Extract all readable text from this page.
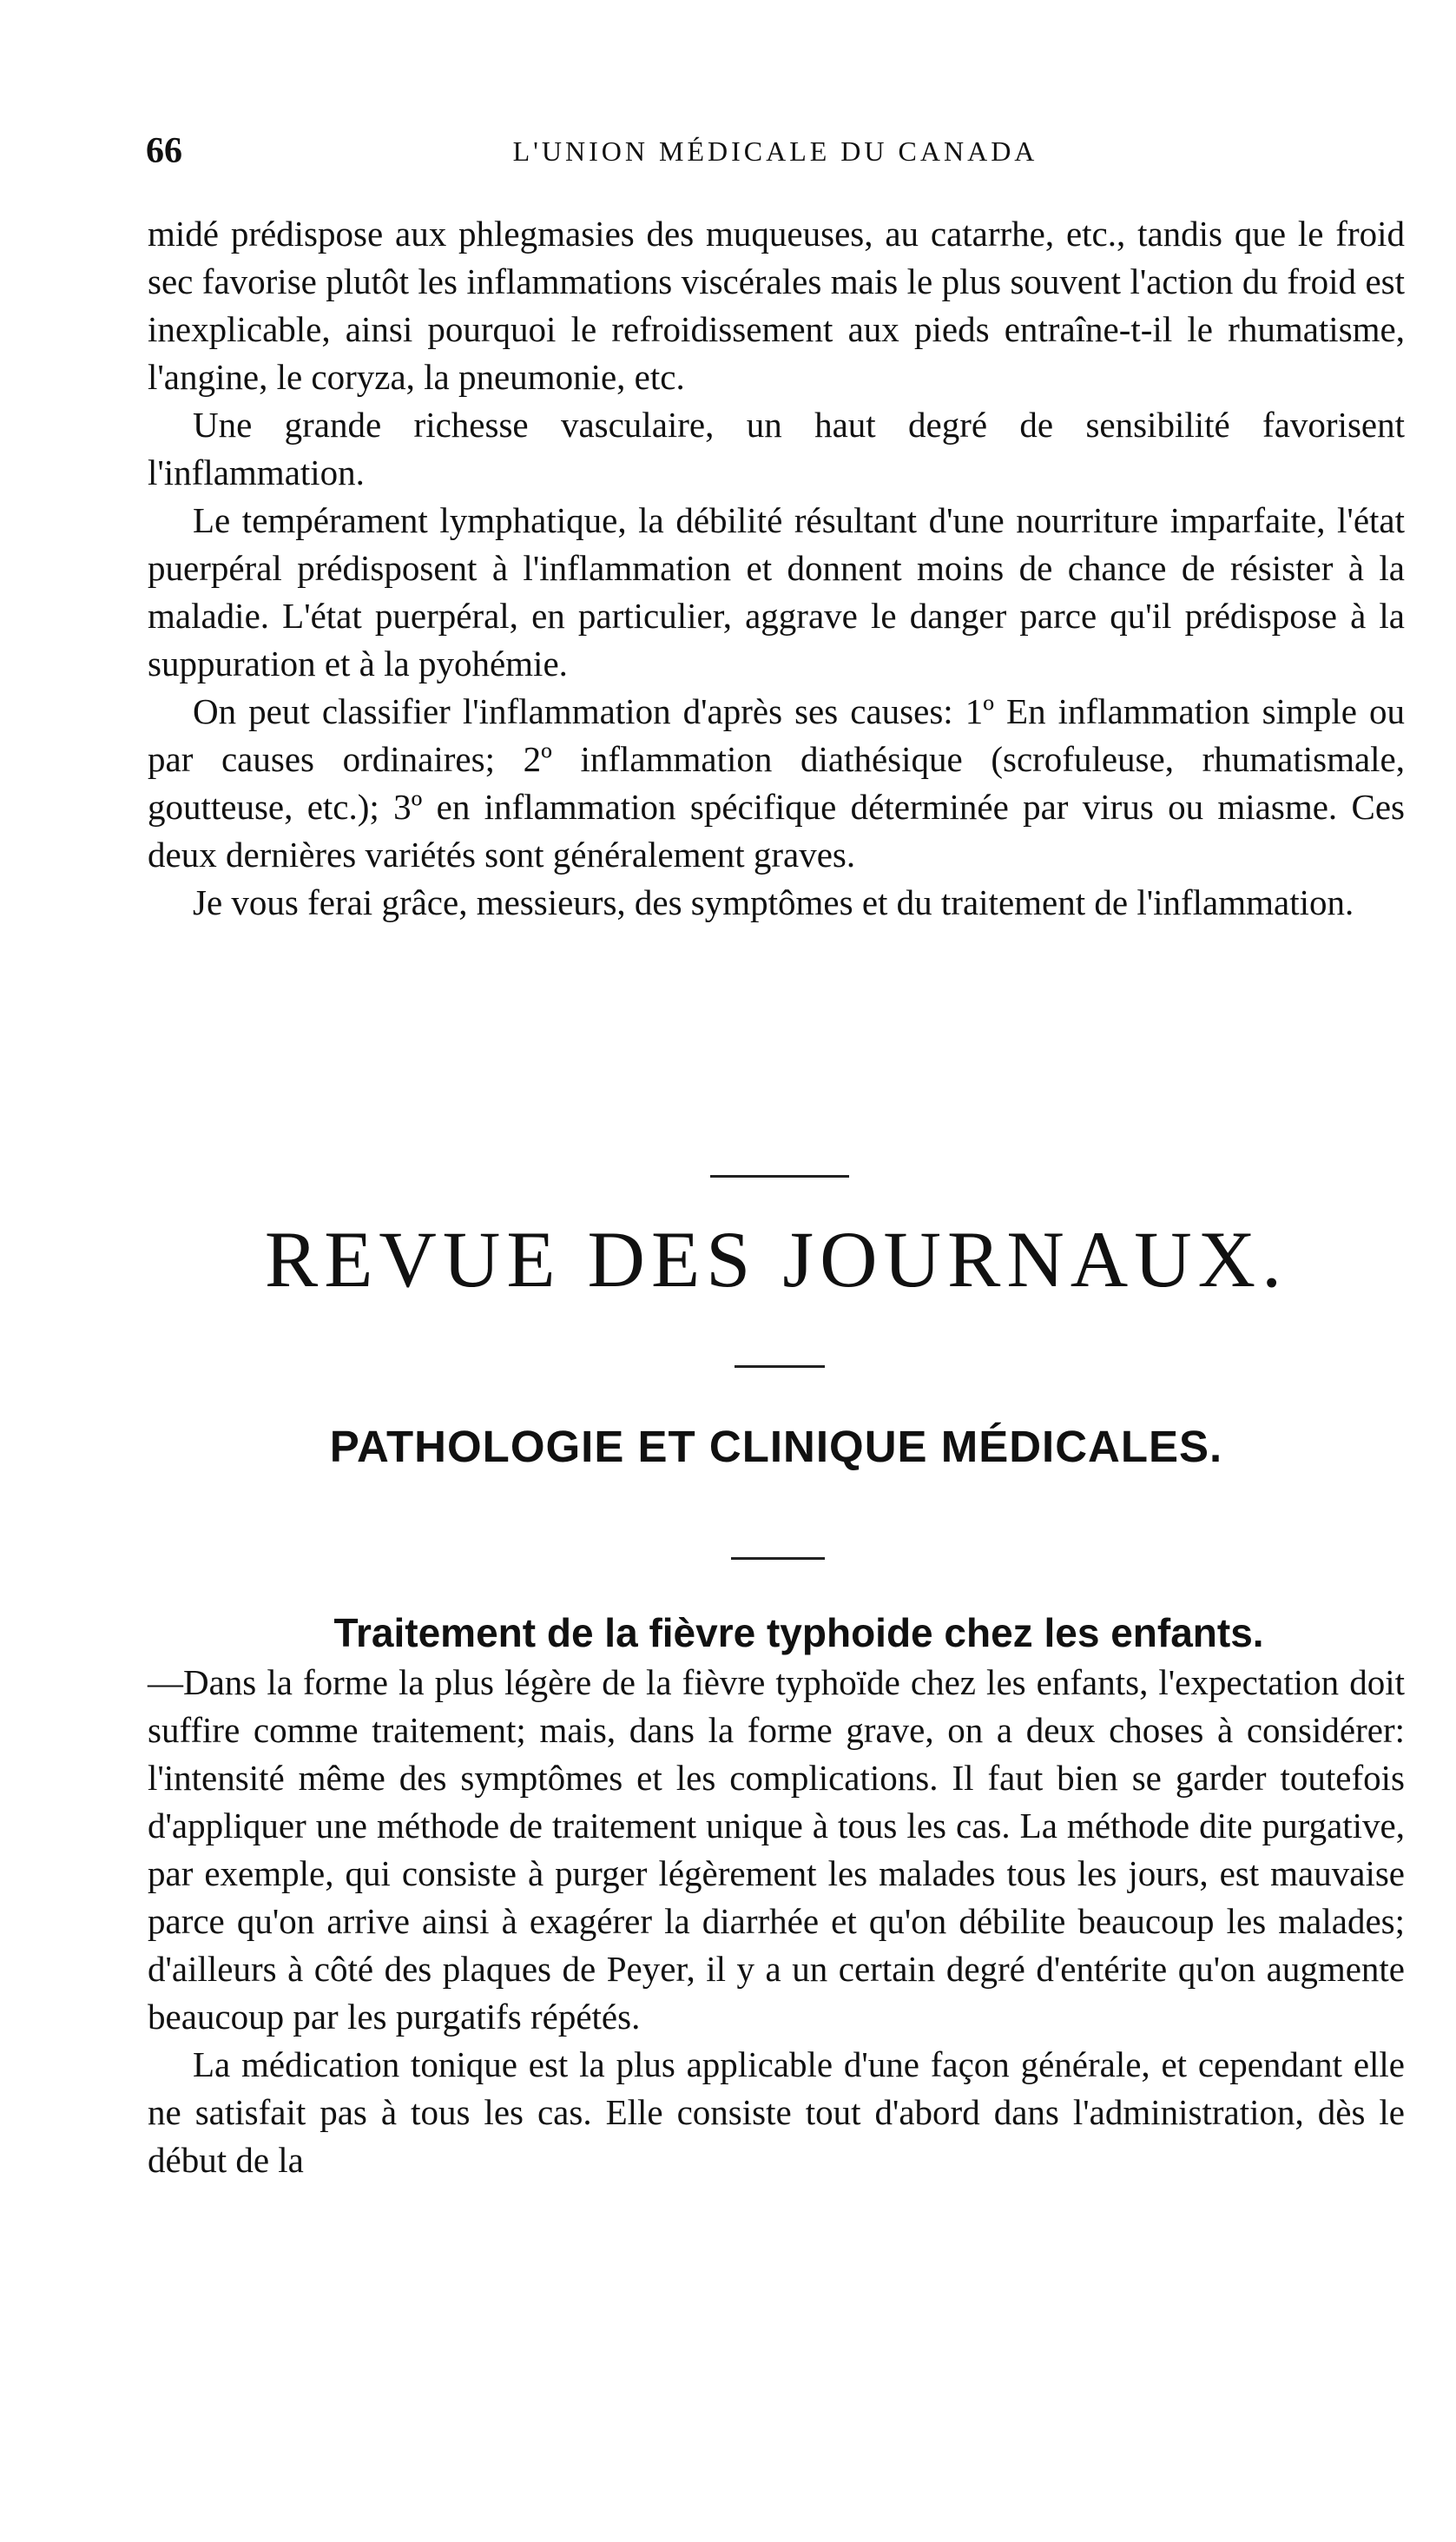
66	L'UNION MÉDICALE DU CANADA

midé prédispose aux phlegmasies des muqueuses, au catarrhe, etc., tandis que le froid sec favorise plutôt les inflammations viscérales mais le plus souvent l'action du froid est inexplicable, ainsi pourquoi le refroidissement aux pieds entraîne-t-il le rhumatisme, l'angine, le coryza, la pneumonie, etc.

Une grande richesse vasculaire, un haut degré de sensibilité favorisent l'inflammation.

Le tempérament lymphatique, la débilité résultant d'une nourriture imparfaite, l'état puerpéral prédisposent à l'inflammation et donnent moins de chance de résister à la maladie. L'état puerpéral, en particulier, aggrave le danger parce qu'il prédispose à la suppuration et à la pyohémie.

On peut classifier l'inflammation d'après ses causes: 1º En inflammation simple ou par causes ordinaires; 2º inflammation diathésique (scrofuleuse, rhumatismale, goutteuse, etc.); 3º en inflammation spécifique déterminée par virus ou miasme. Ces deux dernières variétés sont généralement graves.

Je vous ferai grâce, messieurs, des symptômes et du traitement de l'inflammation.

REVUE DES JOURNAUX.
PATHOLOGIE ET CLINIQUE MÉDICALES.

Traitement de la fièvre typhoide chez les enfants.

—Dans la forme la plus légère de la fièvre typhoïde chez les enfants, l'expectation doit suffire comme traitement; mais, dans la forme grave, on a deux choses à considérer: l'intensité même des symptômes et les complications. Il faut bien se garder toutefois d'appliquer une méthode de traitement unique à tous les cas. La méthode dite purgative, par exemple, qui consiste à purger légèrement les malades tous les jours, est mauvaise parce qu'on arrive ainsi à exagérer la diarrhée et qu'on débilite beaucoup les malades; d'ailleurs à côté des plaques de Peyer, il y a un certain degré d'entérite qu'on augmente beaucoup par les purgatifs répétés.

La médication tonique est la plus applicable d'une façon générale, et cependant elle ne satisfait pas à tous les cas. Elle consiste tout d'abord dans l'administration, dès le début de la
